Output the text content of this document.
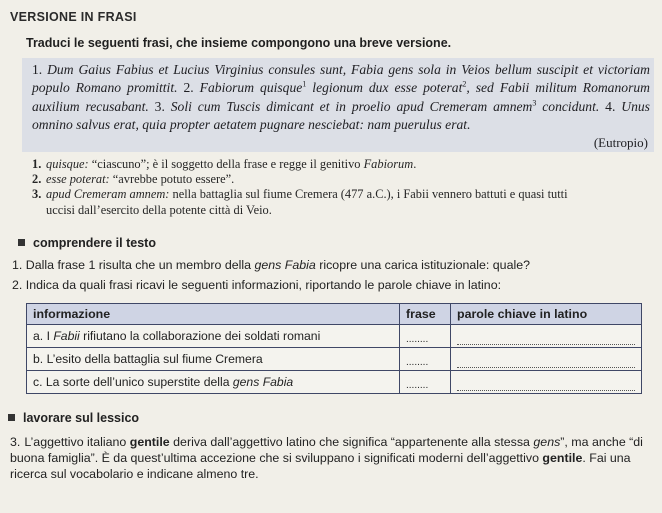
VERSIONE IN FRASI
Traduci le seguenti frasi, che insieme compongono una breve versione.

1. Dum Gaius Fabius et Lucius Virginius consules sunt, Fabia gens sola in Veios bellum suscipit et victoriam populo Romano promittit. 2. Fabiorum quisque$^1$ legionum dux esse poterat$^2$, sed Fabii militum Romanorum auxilium recusabant. 3. Soli cum Tuscis dimicant et in proelio apud Cremeram amnem$^3$ concidunt. 4. Unus omnino salvus erat, quia propter aetatem pugnare nesciebat: nam puerulus erat.

(Eutropio)

1. quisque: “ciascuno”; è il soggetto della frase e regge il genitivo Fabiorum.

2. esse poterat: “avrebbe potuto essere”.

3. apud Cremeram amnem: nella battaglia sul fiume Cremera (477 a.C.), i Fabii vennero battuti e quasi tutti
uccisi dall’esercito della potente città di Veio.

comprendere il testo

1. Dalla frase 1 risulta che un membro della gens Fabia ricopre una carica istituzionale: quale?

2. Indica da quali frasi ricavi le seguenti informazioni, riportando le parole chiave in latino:

informazione	frase	parole chiave in latino
a. I Fabii rifiutano la collaborazione dei soldati romani	........	

b. L’esito della battaglia sul fiume Cremera	........	

c. La sorte dell’unico superstite della gens Fabia	........	
lavorare sul lessico

3. L’aggettivo italiano gentile deriva dall’aggettivo latino che significa “appartenente alla stessa gens”, ma anche “di buona famiglia”. È da quest’ultima accezione che si sviluppano i significati moderni dell’aggettivo gentile. Fai una ricerca sul vocabolario e indicane almeno tre.
